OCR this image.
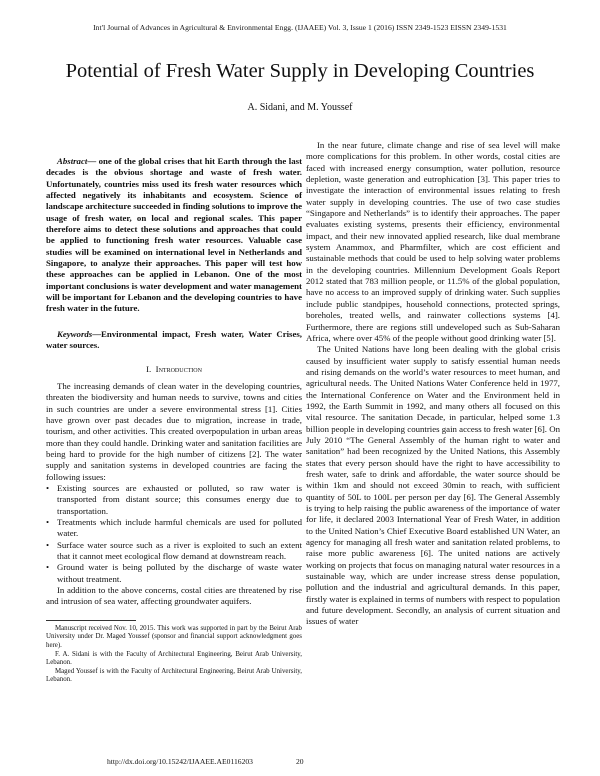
Int'l Journal of Advances in Agricultural & Environmental Engg. (IJAAEE) Vol. 3, Issue 1 (2016) ISSN 2349-1523 EISSN 2349-1531
Potential of Fresh Water Supply in Developing Countries
A. Sidani, and M. Youssef

Abstract— one of the global crises that hit Earth through the last decades is the obvious shortage and waste of fresh water. Unfortunately, countries miss used its fresh water resources which affected negatively its inhabitants and ecosystem. Science of landscape architecture succeeded in finding solutions to improve the usage of fresh water, on local and regional scales. This paper therefore aims to detect these solutions and approaches that could be applied to functioning fresh water resources. Valuable case studies will be examined on international level in Netherlands and Singapore, to analyze their approaches. This paper will test how these approaches can be applied in Lebanon. One of the most important conclusions is water development and water management will be important for Lebanon and the developing countries to have fresh water in the future.

Keywords—Environmental impact, Fresh water, Water Crises, water sources.

I. Introduction

The increasing demands of clean water in the developing countries, threaten the biodiversity and human needs to survive, towns and cities in such countries are under a severe environmental stress [1]. Cities have grown over past decades due to migration, increase in trade, tourism, and other activities. This created overpopulation in urban areas more than they could handle. Drinking water and sanitation facilities are being hard to provide for the high number of citizens [2]. The water supply and sanitation systems in developed countries are facing the following issues:

• Existing sources are exhausted or polluted, so raw water is transported from distant source; this consumes energy due to transportation.
• Treatments which include harmful chemicals are used for polluted water.
• Surface water source such as a river is exploited to such an extent that it cannot meet ecological flow demand at downstream reach.
• Ground water is being polluted by the discharge of waste water without treatment.

In addition to the above concerns, costal cities are threatened by rise and intrusion of sea water, affecting groundwater aquifers.

Manuscript received Nov. 10, 2015. This work was supported in part by the Beirut Arab University under Dr. Maged Youssef (sponsor and financial support acknowledgment goes here).

F. A. Sidani is with the Faculty of Architectural Engineering, Beirut Arab University, Lebanon.

Maged Youssef is with the Faculty of Architectural Engineering, Beirut Arab University, Lebanon.

In the near future, climate change and rise of sea level will make more complications for this problem. In other words, costal cities are faced with increased energy consumption, water pollution, resource depletion, waste generation and eutrophication [3]. This paper tries to investigate the interaction of environmental issues relating to fresh water supply in developing countries. The use of two case studies “Singapore and Netherlands” is to identify their approaches. The paper evaluates existing systems, presents their efficiency, environmental impact, and their new innovated applied research, like dual membrane system Anammox, and Pharmfilter, which are cost efficient and sustainable methods that could be used to help solving water problems in the developing countries. Millennium Development Goals Report 2012 stated that 783 million people, or 11.5% of the global population, have no access to an improved supply of drinking water. Such supplies include public standpipes, household connections, protected springs, boreholes, treated wells, and rainwater collections systems [4]. Furthermore, there are regions still undeveloped such as Sub-Saharan Africa, where over 45% of the people without good drinking water [5].

The United Nations have long been dealing with the global crisis caused by insufficient water supply to satisfy essential human needs and rising demands on the world’s water resources to meet human, and agricultural needs. The United Nations Water Conference held in 1977, the International Conference on Water and the Environment held in 1992, the Earth Summit in 1992, and many others all focused on this vital resource. The sanitation Decade, in particular, helped some 1.3 billion people in developing countries gain access to fresh water [6]. On July 2010 “The General Assembly of the human right to water and sanitation” had been recognized by the United Nations, this Assembly states that every person should have the right to have accessibility to fresh water, safe to drink and affordable, the water source should be within 1km and should not exceed 30min to reach, with sufficient quantity of 50L to 100L per person per day [6]. The General Assembly is trying to help raising the public awareness of the importance of water for life, it declared 2003 International Year of Fresh Water, in addition to the United Nation’s Chief Executive Board established UN Water, an agency for managing all fresh water and sanitation related problems, to raise more public awareness [6]. The united nations are actively working on projects that focus on managing natural water resources in a sustainable way, which are under increase stress dense population, pollution and the industrial and agricultural demands. In this paper, firstly water is explained in terms of numbers with respect to population and future development. Secondly, an analysis of current situation and issues of water

http://dx.doi.org/10.15242/IJAAEE.AE0116203	20
